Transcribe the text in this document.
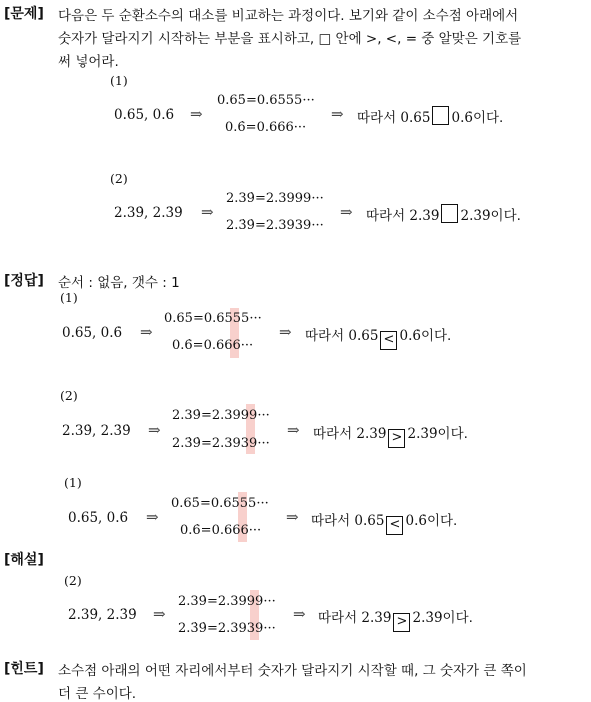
[문제] 다음은 두 순환소수의 대소를 비교하는 과정이다. 보기와 같이 소수점 아래에서
숫자가 달라지기 시작하는 부분을 표시하고, □ 안에 >, <, = 중 알맞은 기호를
써 넣어라.
(1)
0.65̇, 0.6̇ ⇒
0.65̇=0.6555···
0.6̇=0.666···
⇒ 따라서 0.65̇ 0.6̇이다.
(2)
2.39̇, 2.3̇9̇ ⇒
2.39̇=2.3999···
2.3̇9̇=2.3939···
⇒ 따라서 2.39̇ 2.3̇9̇이다.
[정답] 순서 : 없음, 갯수 : 1
(1)
0.65̇, 0.6̇ ⇒
0.65̇=0.6555···
0.6̇=0.666···
⇒ 따라서 0.65̇ < 0.6̇이다.
(2)
2.39̇, 2.3̇9̇ ⇒
2.39̇=2.3999···
2.3̇9̇=2.3939···
⇒ 따라서 2.39̇ > 2.3̇9̇이다.
[해설]
(1)
0.65̇, 0.6̇ ⇒
0.65̇=0.6555···
0.6̇=0.666···
⇒ 따라서 0.65̇ < 0.6̇이다.
(2)
2.39̇, 2.3̇9̇ ⇒
2.39̇=2.3999···
2.3̇9̇=2.3939···
⇒ 따라서 2.39̇ > 2.3̇9̇이다.
[힌트] 소수점 아래의 어떤 자리에서부터 숫자가 달라지기 시작할 때, 그 숫자가 큰 쪽이
더 큰 수이다.
